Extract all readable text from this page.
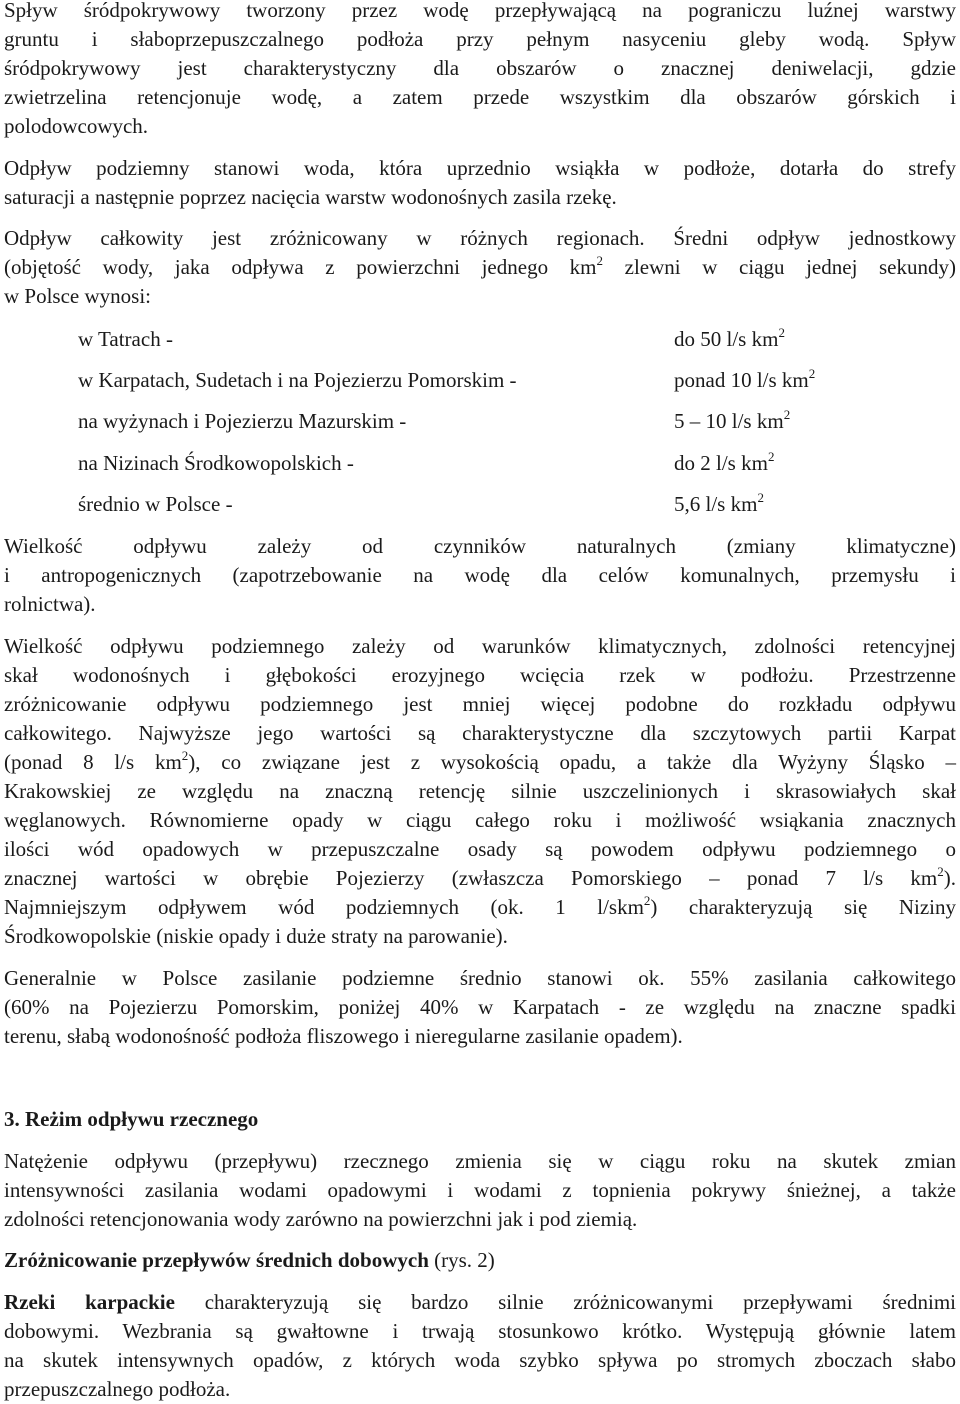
Spływ śródpokrywowy tworzony przez wodę przepływającą na pograniczu luźnej warstwy
gruntu i słaboprzepuszczalnego podłoża przy pełnym nasyceniu gleby wodą. Spływ
śródpokrywowy jest charakterystyczny dla obszarów o znacznej deniwelacji, gdzie
zwietrzelina retencjonuje wodę, a zatem przede wszystkim dla obszarów górskich i
polodowcowych.
Odpływ podziemny stanowi woda, która uprzednio wsiąkła w podłoże, dotarła do strefy
saturacji a następnie poprzez nacięcia warstw wodonośnych zasila rzekę.
Odpływ całkowity jest zróżnicowany w różnych regionach. Średni odpływ jednostkowy
(objętość wody, jaka odpływa z powierzchni jednego $km^2$ zlewni w ciągu jednej sekundy)
w Polsce wynosi:
w Tatrach -	do 50 l/s $km^2$
w Karpatach, Sudetach i na Pojezierzu Pomorskim -	ponad 10 l/s $km^2$
na wyżynach i Pojezierzu Mazurskim -	5 – 10 l/s $km^2$
na Nizinach Środkowopolskich -	do 2 l/s $km^2$
średnio w Polsce -	5,6 l/s $km^2$
Wielkość odpływu zależy od czynników naturalnych (zmiany klimatyczne)
i antropogenicznych (zapotrzebowanie na wodę dla celów komunalnych, przemysłu i
rolnictwa).
Wielkość odpływu podziemnego zależy od warunków klimatycznych, zdolności retencyjnej
skał wodonośnych i głębokości erozyjnego wcięcia rzek w podłożu. Przestrzenne
zróżnicowanie odpływu podziemnego jest mniej więcej podobne do rozkładu odpływu
całkowitego. Najwyższe jego wartości są charakterystyczne dla szczytowych partii Karpat
(ponad 8 l/s $km^2$), co związane jest z wysokością opadu, a także dla Wyżyny Śląsko –
Krakowskiej ze względu na znaczną retencję silnie uszczelinionych i skrasowiałych skał
węglanowych. Równomierne opady w ciągu całego roku i możliwość wsiąkania znacznych
ilości wód opadowych w przepuszczalne osady są powodem odpływu podziemnego o
znacznej wartości w obrębie Pojezierzy (zwłaszcza Pomorskiego – ponad 7 l/s $km^2$).
Najmniejszym odpływem wód podziemnych (ok. 1 l/skm$^2$) charakteryzują się Niziny
Środkowopolskie (niskie opady i duże straty na parowanie).
Generalnie w Polsce zasilanie podziemne średnio stanowi ok. 55% zasilania całkowitego
(60% na Pojezierzu Pomorskim, poniżej 40% w Karpatach - ze względu na znaczne spadki
terenu, słabą wodonośność podłoża fliszowego i nieregularne zasilanie opadem).
3. Reżim odpływu rzecznego
Natężenie odpływu (przepływu) rzecznego zmienia się w ciągu roku na skutek zmian
intensywności zasilania wodami opadowymi i wodami z topnienia pokrywy śnieżnej, a także
zdolności retencjonowania wody zarówno na powierzchni jak i pod ziemią.
Zróżnicowanie przepływów średnich dobowych (rys. 2)
Rzeki karpackie charakteryzują się bardzo silnie zróżnicowanymi przepływami średnimi
dobowymi. Wezbrania są gwałtowne i trwają stosunkowo krótko. Występują głównie latem
na skutek intensywnych opadów, z których woda szybko spływa po stromych zboczach słabo
przepuszczalnego podłoża.
